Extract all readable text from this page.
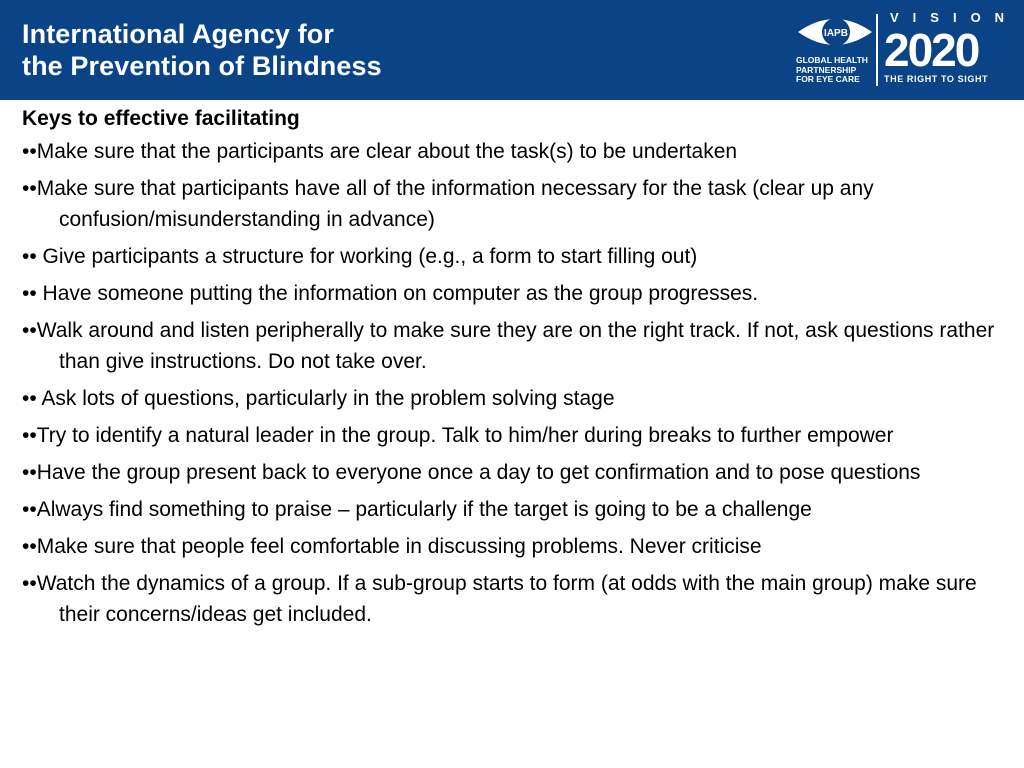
International Agency for
the Prevention of Blindness
IAPB
GLOBAL HEALTH
PARTNERSHIP
FOR EYE CARE
VISION
2020
THE RIGHT TO SIGHT
Keys to effective facilitating
••Make sure that the participants are clear about the task(s) to be undertaken
••Make sure that participants have all of the information necessary for the task (clear up any confusion/misunderstanding in advance)
•• Give participants a structure for working (e.g., a form to start filling out)
•• Have someone putting the information on computer as the group progresses.
••Walk around and listen peripherally to make sure they are on the right track. If not, ask questions rather than give instructions. Do not take over.
•• Ask lots of questions, particularly in the problem solving stage
••Try to identify a natural leader in the group. Talk to him/her during breaks to further empower
••Have the group present back to everyone once a day to get confirmation and to pose questions
••Always find something to praise – particularly if the target is going to be a challenge
••Make sure that people feel comfortable in discussing problems. Never criticise
••Watch the dynamics of a group. If a sub-group starts to form (at odds with the main group) make sure their concerns/ideas get included.
